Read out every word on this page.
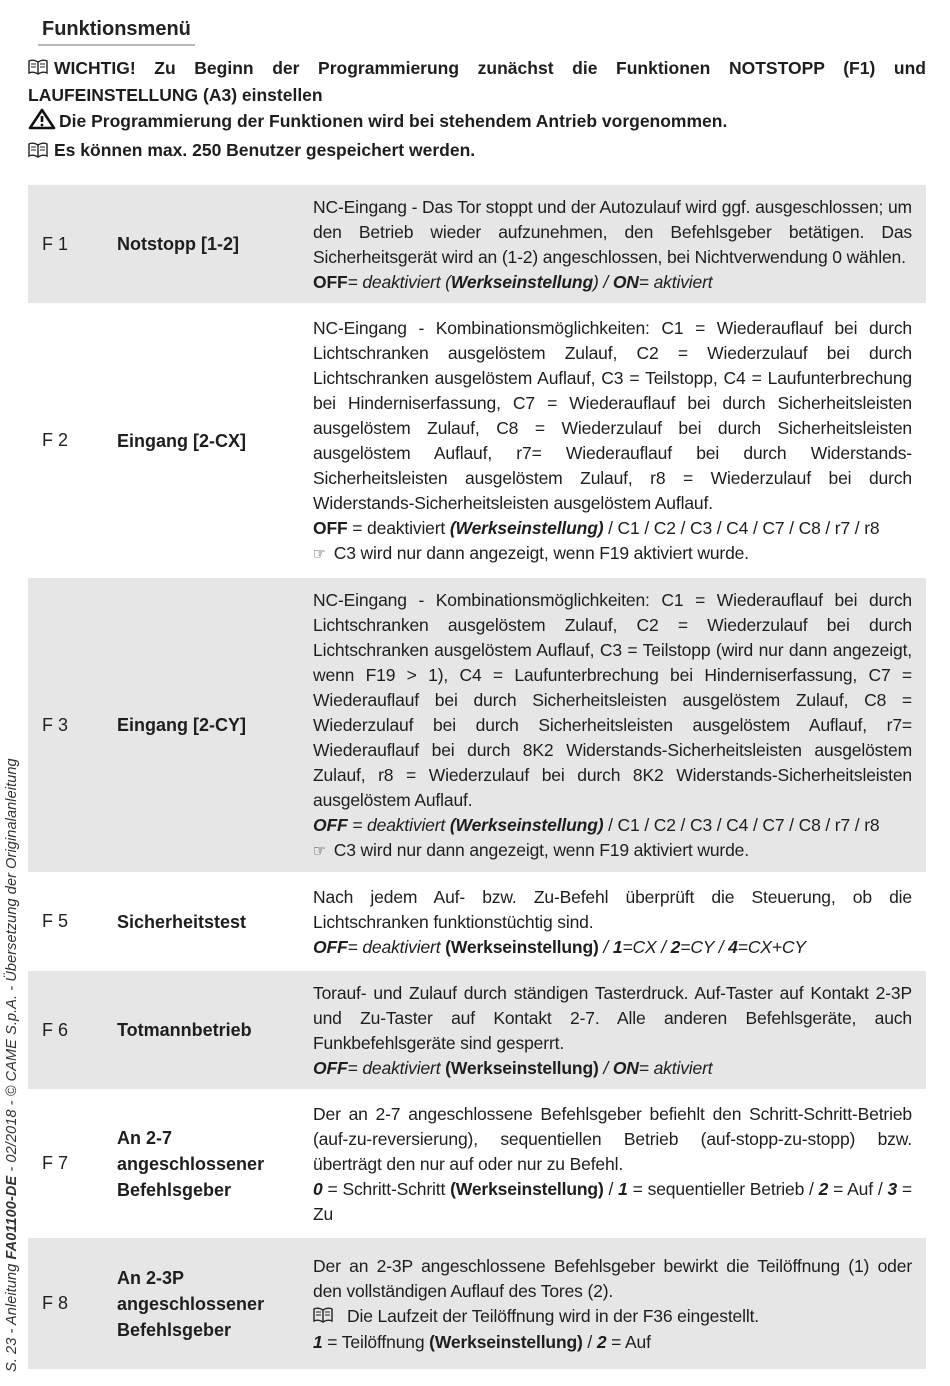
S. 23 - Anleitung FA01100-DE - 02/2018 - © CAME S.p.A. - Übersetzung der Originalanleitung
Funktionsmenü
WICHTIG! Zu Beginn der Programmierung zunächst die Funktionen NOTSTOPP (F1) und LAUFEINSTELLUNG (A3) einstellen
Die Programmierung der Funktionen wird bei stehendem Antrieb vorgenommen.
Es können max. 250 Benutzer gespeichert werden.
F 1	Notstopp [1-2]	NC-Eingang - Das Tor stoppt und der Autozulauf wird ggf. ausgeschlossen; um den Betrieb wieder aufzunehmen, den Befehlsgeber betätigen. Das Sicherheitsgerät wird an (1-2) angeschlossen, bei Nichtverwendung 0 wählen.
OFF= deaktiviert (Werkseinstellung) / ON= aktiviert

F 2	Eingang [2-CX]	NC-Eingang - Kombinationsmöglichkeiten: C1 = Wiederauflauf bei durch Lichtschranken ausgelöstem Zulauf, C2 = Wiederzulauf bei durch Lichtschranken ausgelöstem Auflauf, C3 = Teilstopp, C4 = Laufunterbrechung bei Hinderniserfassung, C7 = Wiederauflauf bei durch Sicherheitsleisten ausgelöstem Zulauf, C8 = Wiederzulauf bei durch Sicherheitsleisten ausgelöstem Auflauf, r7= Wiederauflauf bei durch Widerstands-Sicherheitsleisten ausgelöstem Zulauf, r8 = Wiederzulauf bei durch Widerstands-Sicherheitsleisten ausgelöstem Auflauf.
OFF = deaktiviert (Werkseinstellung) / C1 / C2 / C3 / C4 / C7 / C8 / r7 / r8
☞ C3 wird nur dann angezeigt, wenn F19 aktiviert wurde.

F 3	Eingang [2-CY]	NC-Eingang - Kombinationsmöglichkeiten: C1 = Wiederauflauf bei durch Lichtschranken ausgelöstem Zulauf, C2 = Wiederzulauf bei durch Lichtschranken ausgelöstem Auflauf, C3 = Teilstopp (wird nur dann angezeigt, wenn F19 > 1), C4 = Laufunterbrechung bei Hinderniserfassung, C7 = Wiederauflauf bei durch Sicherheitsleisten ausgelöstem Zulauf, C8 = Wiederzulauf bei durch Sicherheitsleisten ausgelöstem Auflauf, r7= Wiederauflauf bei durch 8K2 Widerstands-Sicherheitsleisten ausgelöstem Zulauf, r8 = Wiederzulauf bei durch 8K2 Widerstands-Sicherheitsleisten ausgelöstem Auflauf.
OFF = deaktiviert (Werkseinstellung) / C1 / C2 / C3 / C4 / C7 / C8 / r7 / r8
☞ C3 wird nur dann angezeigt, wenn F19 aktiviert wurde.

F 5	Sicherheitstest	Nach jedem Auf- bzw. Zu-Befehl überprüft die Steuerung, ob die Lichtschranken funktionstüchtig sind.
OFF= deaktiviert (Werkseinstellung) / 1=CX / 2=CY / 4=CX+CY

F 6	Totmannbetrieb	Torauf- und Zulauf durch ständigen Tasterdruck. Auf-Taster auf Kontakt 2-3P und Zu-Taster auf Kontakt 2-7. Alle anderen Befehlsgeräte, auch Funkbefehlsgeräte sind gesperrt.
OFF= deaktiviert (Werkseinstellung) / ON= aktiviert

F 7	An 2-7 angeschlossener Befehlsgeber	Der an 2-7 angeschlossene Befehlsgeber befiehlt den Schritt-Schritt-Betrieb (auf-zu-reversierung), sequentiellen Betrieb (auf-stopp-zu-stopp) bzw. überträgt den nur auf oder nur zu Befehl.
0 = Schritt-Schritt (Werkseinstellung) / 1 = sequentieller Betrieb / 2 = Auf / 3 = Zu

F 8	An 2-3P angeschlossener Befehlsgeber	Der an 2-3P angeschlossene Befehlsgeber bewirkt die Teilöffnung (1) oder den vollständigen Auflauf des Tores (2).
Die Laufzeit der Teilöffnung wird in der F36 eingestellt.
1 = Teilöffnung (Werkseinstellung) / 2 = Auf
